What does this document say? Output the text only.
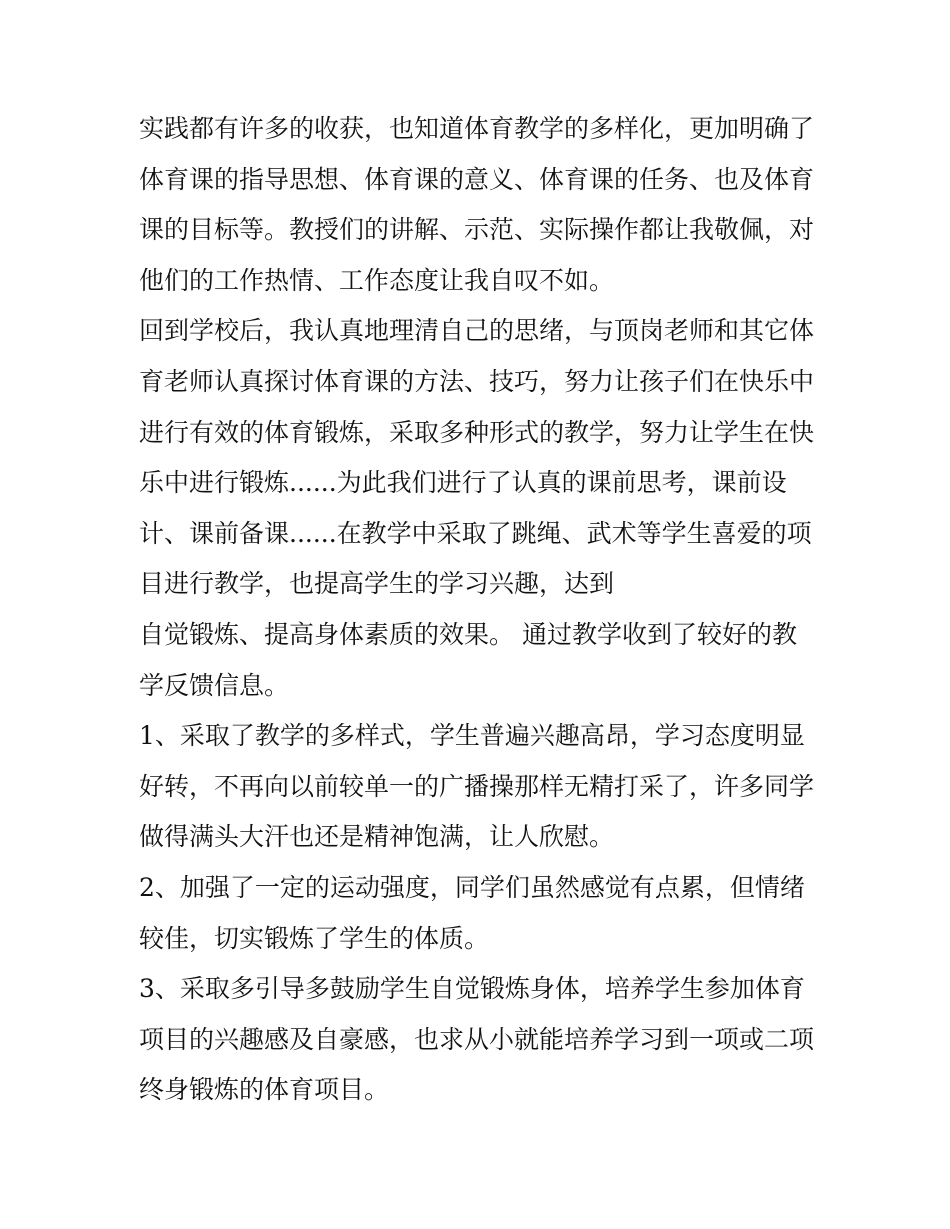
实践都有许多的收获，也知道体育教学的多样化，更加明确了
体育课的指导思想、体育课的意义、体育课的任务、也及体育
课的目标等。教授们的讲解、示范、实际操作都让我敬佩，对
他们的工作热情、工作态度让我自叹不如。
回到学校后，我认真地理清自己的思绪，与顶岗老师和其它体
育老师认真探讨体育课的方法、技巧，努力让孩子们在快乐中
进行有效的体育锻炼，采取多种形式的教学，努力让学生在快
乐中进行锻炼......为此我们进行了认真的课前思考，课前设
计、课前备课......在教学中采取了跳绳、武术等学生喜爱的项
目进行教学，也提高学生的学习兴趣，达到
自觉锻炼、提高身体素质的效果。 通过教学收到了较好的教
学反馈信息。
1、采取了教学的多样式，学生普遍兴趣高昂，学习态度明显
好转，不再向以前较单一的广播操那样无精打采了，许多同学
做得满头大汗也还是精神饱满，让人欣慰。
2、加强了一定的运动强度，同学们虽然感觉有点累，但情绪
较佳，切实锻炼了学生的体质。
3、采取多引导多鼓励学生自觉锻炼身体，培养学生参加体育
项目的兴趣感及自豪感，也求从小就能培养学习到一项或二项
终身锻炼的体育项目。
